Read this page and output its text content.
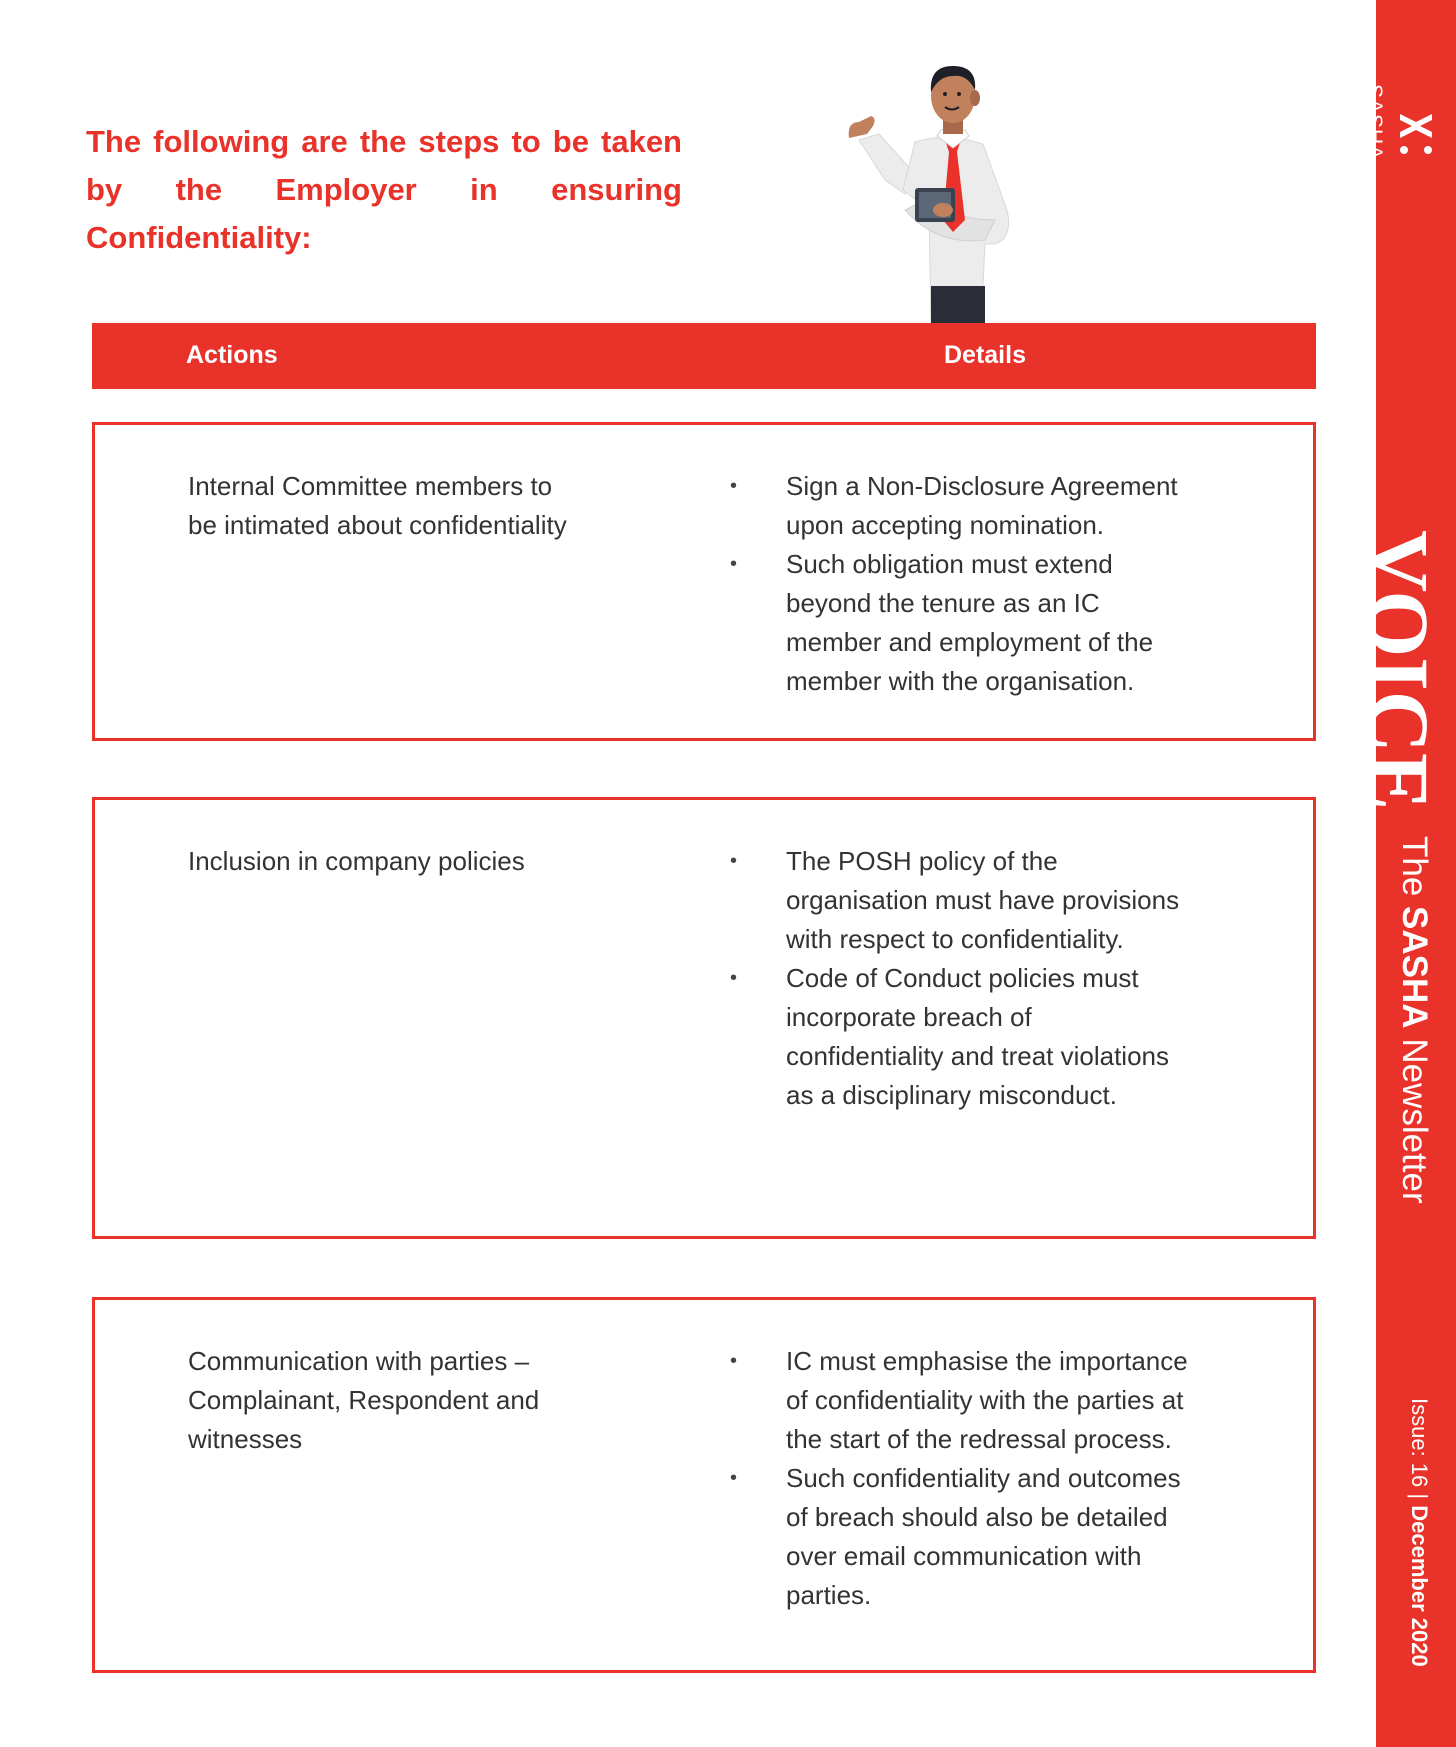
The following are the steps to be taken by the Employer in ensuring Confidentiality:

Actions	Details

Internal Committee members to be intimated about confidentiality

• Sign a Non-Disclosure Agreement upon accepting nomination.
• Such obligation must extend beyond the tenure as an IC member and employment of the member with the organisation.

Inclusion in company policies

•	The POSH policy of the organisation must have provisions with respect to confidentiality.
• Code of Conduct policies must incorporate breach of confidentiality and treat violations as a disciplinary misconduct.

Communication with parties – Complainant, Respondent and witnesses

• IC must emphasise the importance of confidentiality with the parties at the start of the redressal process.
• Such confidentiality and outcomes of breach should also be detailed over email communication with parties.
SASHA
VOICE
The SASHA Newsletter
Issue: 16 | December 2020
